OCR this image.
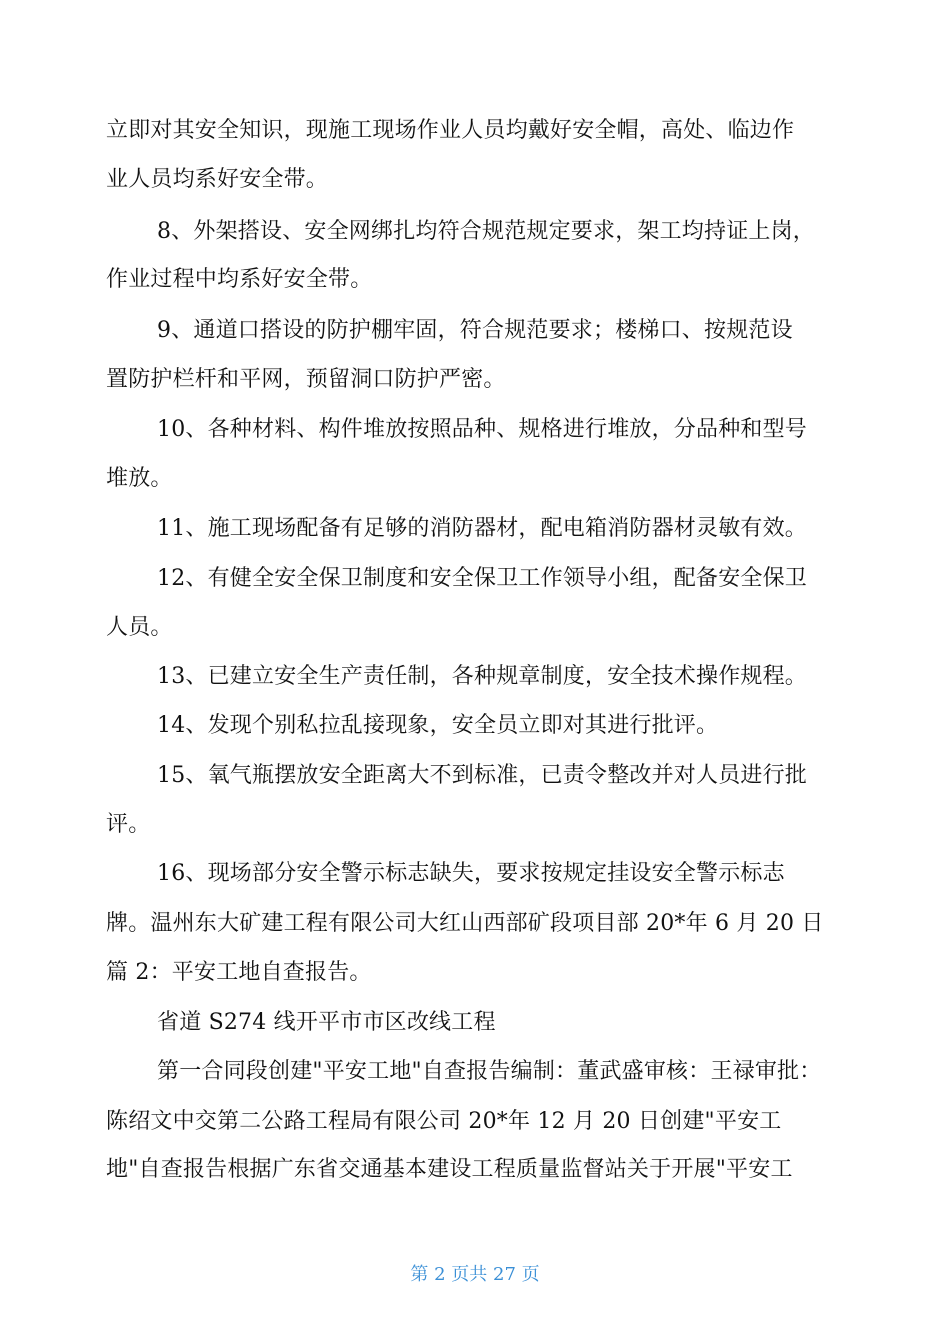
立即对其安全知识，现施工现场作业人员均戴好安全帽，高处、临边作
业人员均系好安全带。
8、外架搭设、安全网绑扎均符合规范规定要求，架工均持证上岗，
作业过程中均系好安全带。
9、通道口搭设的防护棚牢固，符合规范要求；楼梯口、按规范设
置防护栏杆和平网，预留洞口防护严密。
10、各种材料、构件堆放按照品种、规格进行堆放，分品种和型号
堆放。
11、施工现场配备有足够的消防器材，配电箱消防器材灵敏有效。
12、有健全安全保卫制度和安全保卫工作领导小组，配备安全保卫
人员。
13、已建立安全生产责任制，各种规章制度，安全技术操作规程。
14、发现个别私拉乱接现象，安全员立即对其进行批评。
15、氧气瓶摆放安全距离大不到标准，已责令整改并对人员进行批
评。
16、现场部分安全警示标志缺失，要求按规定挂设安全警示标志
牌。温州东大矿建工程有限公司大红山西部矿段项目部 20*年 6 月 20 日
篇 2：平安工地自查报告。
省道 S274 线开平市市区改线工程
第一合同段创建"平安工地"自查报告编制：董武盛审核：王禄审批：
陈绍文中交第二公路工程局有限公司 20*年 12 月 20 日创建"平安工
地"自查报告根据广东省交通基本建设工程质量监督站关于开展"平安工
第 2 页共 27 页
